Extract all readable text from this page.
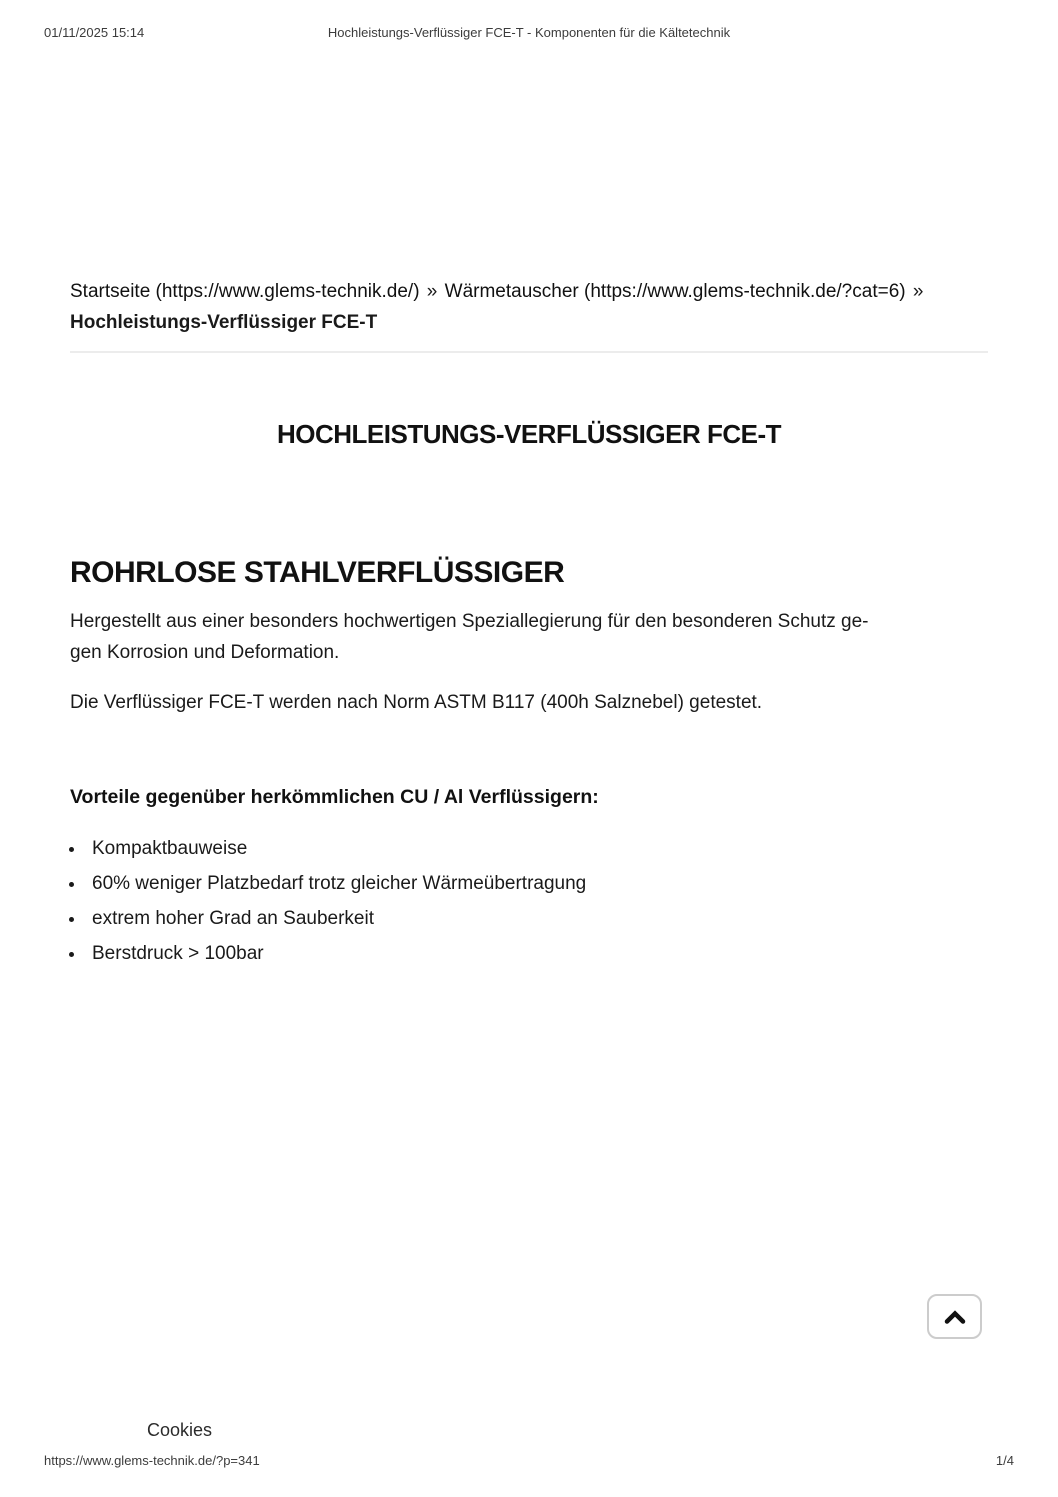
01/11/2025 15:14	Hochleistungs-Verflüssiger FCE-T - Komponenten für die Kältetechnik
Startseite (https://www.glems-technik.de/) » Wärmetauscher (https://www.glems-technik.de/?cat=6) » Hochleistungs-Verflüssiger FCE-T
HOCHLEISTUNGS-VERFLÜSSIGER FCE-T
ROHRLOSE STAHLVERFLÜSSIGER

Hergestellt aus einer besonders hochwertigen Speziallegierung für den besonderen Schutz ge-
gen Korrosion und Deformation.

Die Verflüssiger FCE-T werden nach Norm ASTM B117 (400h Salznebel) getestet.

Vorteile gegenüber herkömmlichen CU / Al Verflüssigern:

• Kompaktbauweise
• 60% weniger Platzbedarf trotz gleicher Wärmeübertragung
• extrem hoher Grad an Sauberkeit
• Berstdruck > 100bar
Cookies
https://www.glems-technik.de/?p=341	1/4
